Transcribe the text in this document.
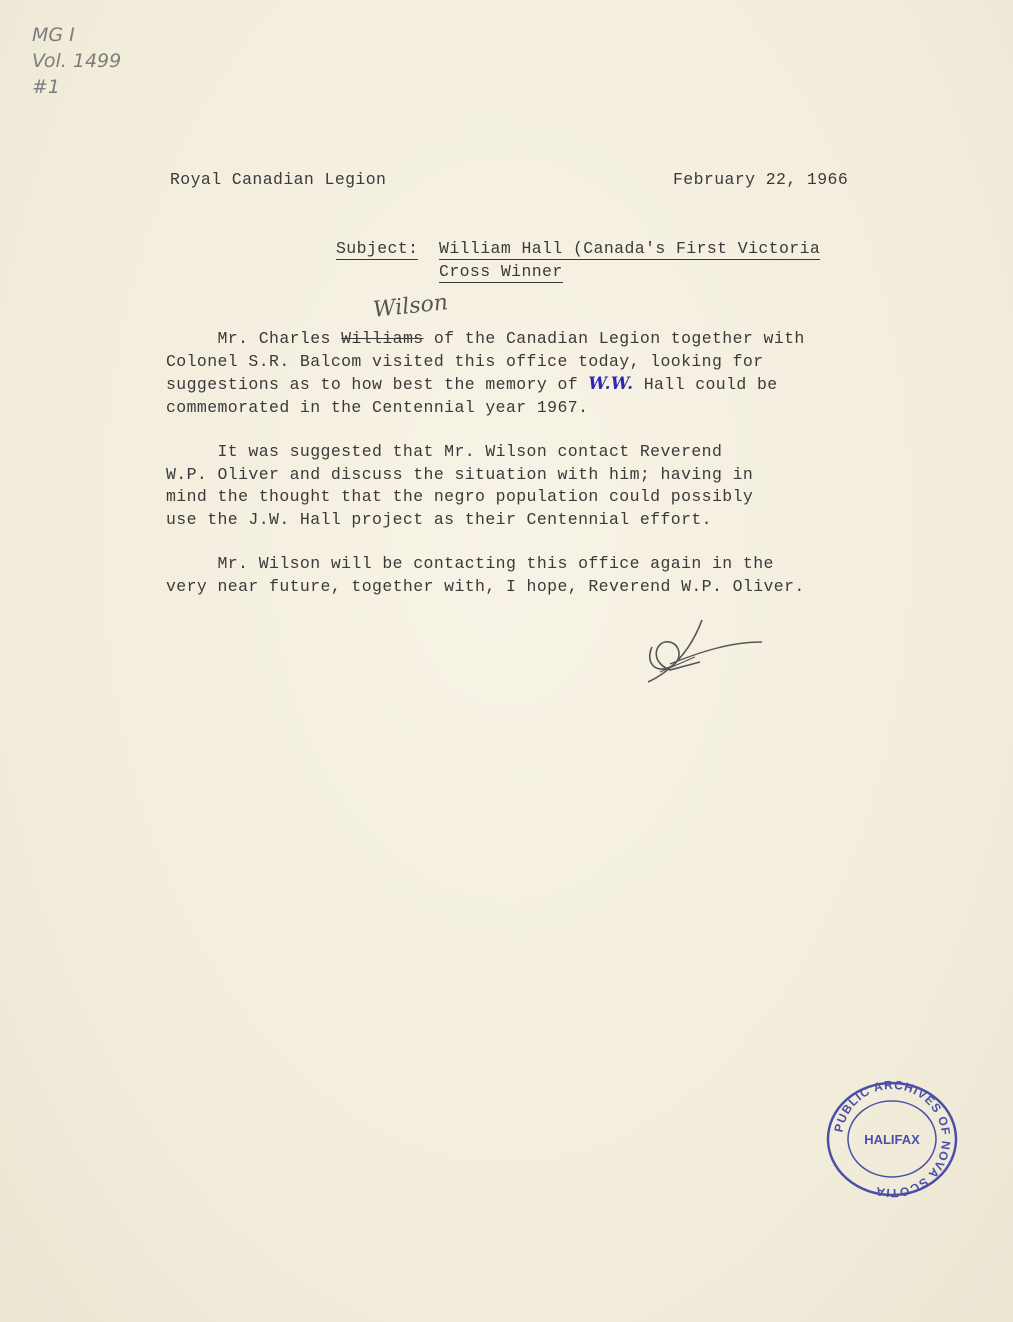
MG I
Vol. 1499
#1
Royal Canadian Legion	February 22, 1966
Subject: William Hall (Canada's First Victoria
Cross Winner
Wilson
Mr. Charles Williams of the Canadian Legion together with
Colonel S.R. Balcom visited this office today, looking for
suggestions as to how best the memory of W.W. Hall could be
commemorated in the Centennial year 1967.
It was suggested that Mr. Wilson contact Reverend
W.P. Oliver and discuss the situation with him; having in
mind the thought that the negro population could possibly
use the J.W. Hall project as their Centennial effort.
Mr. Wilson will be contacting this office again in the
very near future, together with, I hope, Reverend W.P. Oliver.
PUBLIC ARCHIVES OF NOVA SCOTIA
HALIFAX
